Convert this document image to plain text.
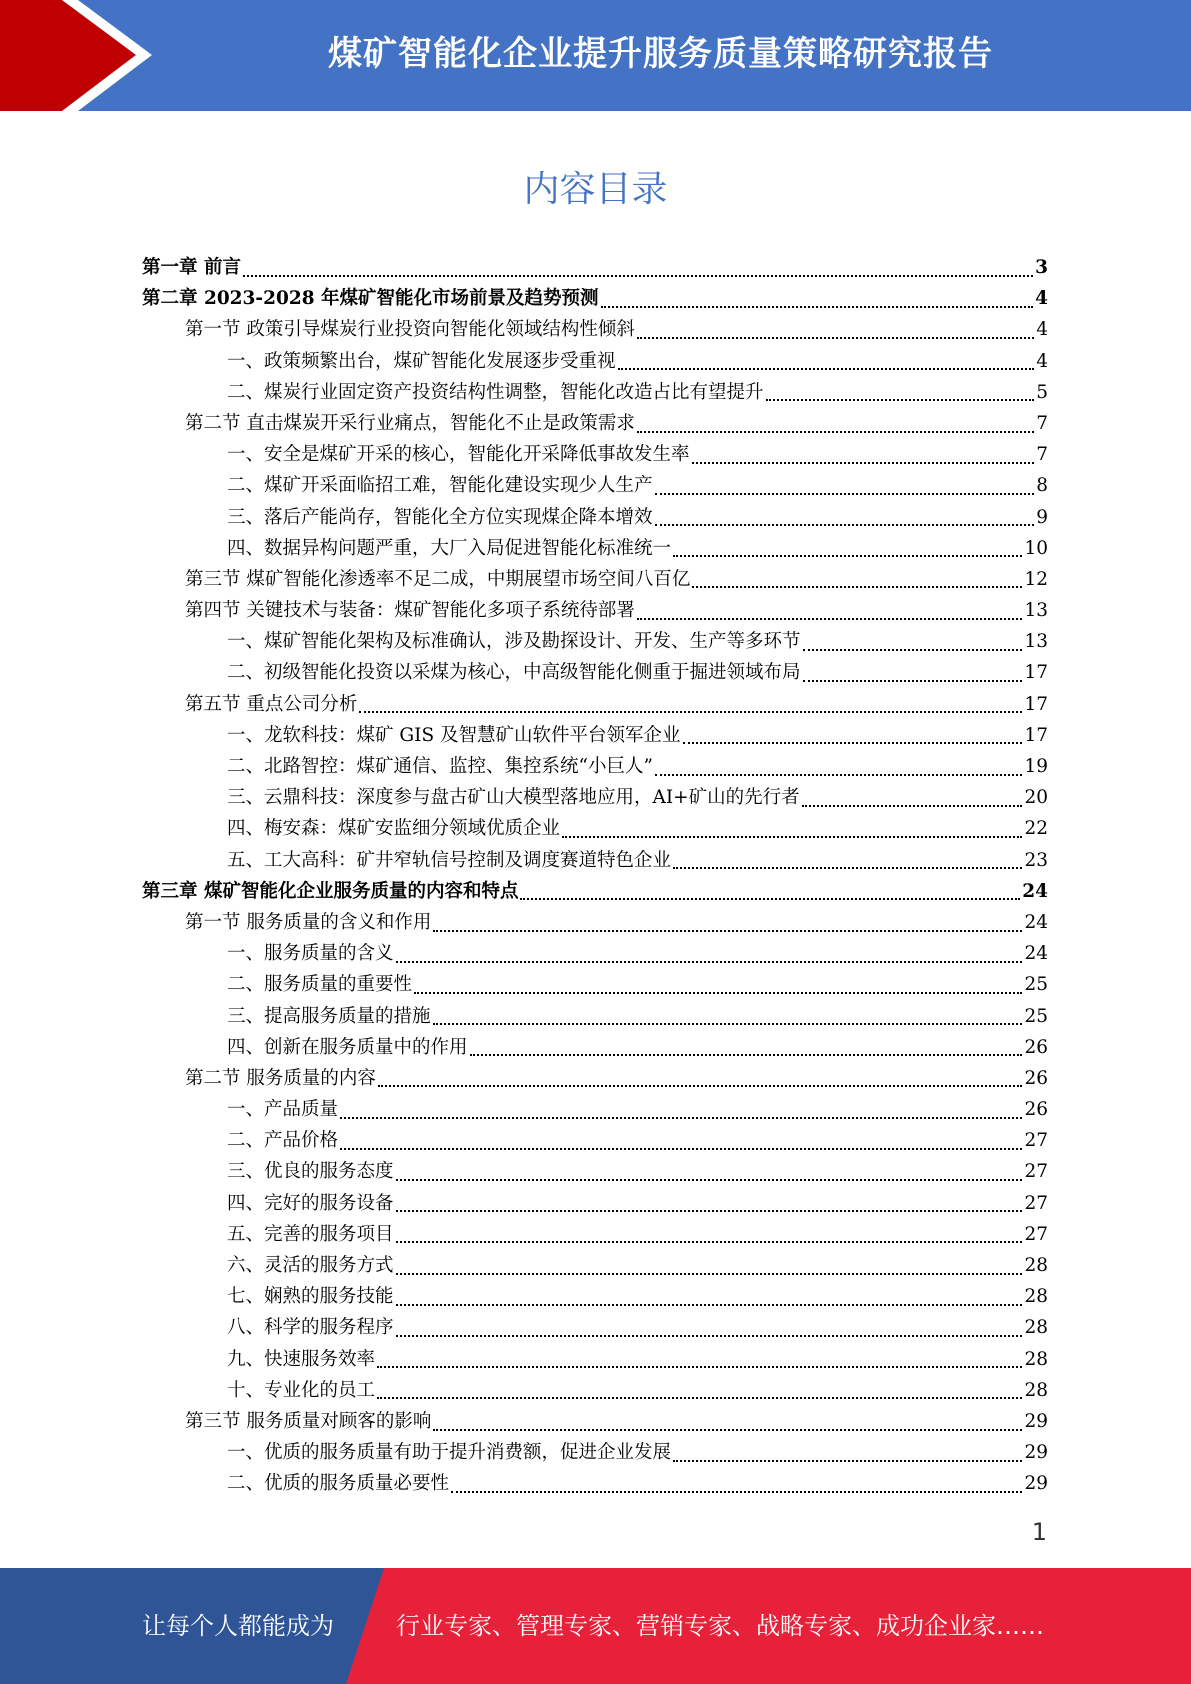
煤矿智能化企业提升服务质量策略研究报告
内容目录
第一章 前言	3
第二章 2023-2028 年煤矿智能化市场前景及趋势预测	4
第一节 政策引导煤炭行业投资向智能化领域结构性倾斜	4
一、政策频繁出台，煤矿智能化发展逐步受重视	4
二、煤炭行业固定资产投资结构性调整，智能化改造占比有望提升	5
第二节 直击煤炭开采行业痛点，智能化不止是政策需求	7
一、安全是煤矿开采的核心，智能化开采降低事故发生率	7
二、煤矿开采面临招工难，智能化建设实现少人生产	8
三、落后产能尚存，智能化全方位实现煤企降本增效	9
四、数据异构问题严重，大厂入局促进智能化标准统一	10
第三节 煤矿智能化渗透率不足二成，中期展望市场空间八百亿	12
第四节 关键技术与装备：煤矿智能化多项子系统待部署	13
一、煤矿智能化架构及标准确认，涉及勘探设计、开发、生产等多环节	13
二、初级智能化投资以采煤为核心，中高级智能化侧重于掘进领域布局	17
第五节 重点公司分析	17
一、龙软科技：煤矿 GIS 及智慧矿山软件平台领军企业	17
二、北路智控：煤矿通信、监控、集控系统“小巨人”	19
三、云鼎科技：深度参与盘古矿山大模型落地应用，AI+矿山的先行者	20
四、梅安森：煤矿安监细分领域优质企业	22
五、工大高科：矿井窄轨信号控制及调度赛道特色企业	23
第三章 煤矿智能化企业服务质量的内容和特点	24
第一节 服务质量的含义和作用	24
一、服务质量的含义	24
二、服务质量的重要性	25
三、提高服务质量的措施	25
四、创新在服务质量中的作用	26
第二节 服务质量的内容	26
一、产品质量	26
二、产品价格	27
三、优良的服务态度	27
四、完好的服务设备	27
五、完善的服务项目	27
六、灵活的服务方式	28
七、娴熟的服务技能	28
八、科学的服务程序	28
九、快速服务效率	28
十、专业化的员工	28
第三节 服务质量对顾客的影响	29
一、优质的服务质量有助于提升消费额，促进企业发展	29
二、优质的服务质量必要性	29
1
让每个人都能成为	行业专家、管理专家、营销专家、战略专家、成功企业家……
